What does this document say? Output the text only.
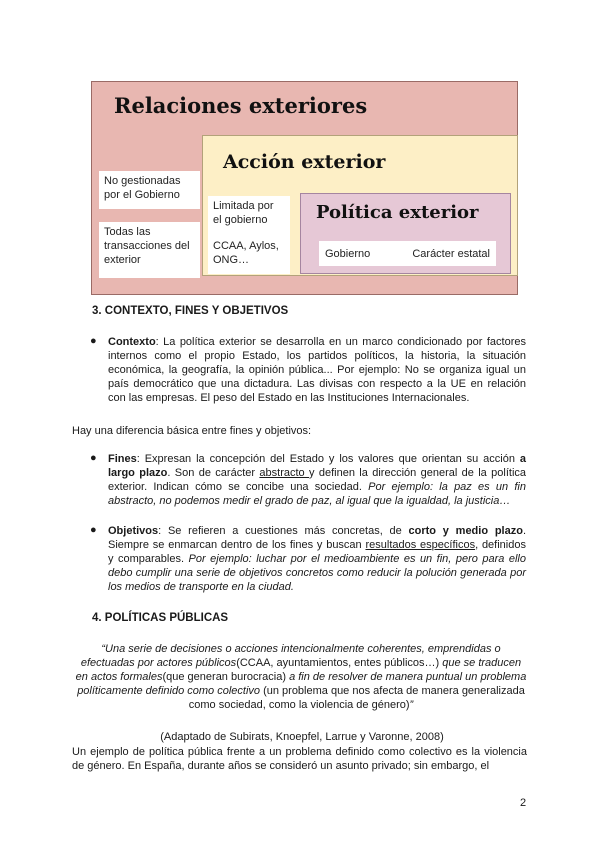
Relaciones exteriores
No gestionadas por el Gobierno
Todas las transacciones del exterior
Acción exterior
Limitada por el gobierno
CCAA, Aylos, ONG…
Política exterior
Gobierno	Carácter estatal
3. CONTEXTO, FINES Y OBJETIVOS
● Contexto: La política exterior se desarrolla en un marco condicionado por factores internos como el propio Estado, los partidos políticos, la historia, la situación económica, la geografía, la opinión pública... Por ejemplo: No se organiza igual un país democrático que una dictadura. Las divisas con respecto a la UE en relación con las empresas. El peso del Estado en las Instituciones Internacionales.
Hay una diferencia básica entre fines y objetivos:
● Fines: Expresan la concepción del Estado y los valores que orientan su acción a largo plazo. Son de carácter abstracto y definen la dirección general de la política exterior. Indican cómo se concibe una sociedad. Por ejemplo: la paz es un fin abstracto, no podemos medir el grado de paz, al igual que la igualdad, la justicia…
● Objetivos: Se refieren a cuestiones más concretas, de corto y medio plazo. Siempre se enmarcan dentro de los fines y buscan resultados específicos, definidos y comparables. Por ejemplo: luchar por el medioambiente es un fin, pero para ello debo cumplir una serie de objetivos concretos como reducir la polución generada por los medios de transporte en la ciudad.
4. POLÍTICAS PÚBLICAS
“Una serie de decisiones o acciones intencionalmente coherentes, emprendidas o efectuadas por actores públicos(CCAA, ayuntamientos, entes públicos…) que se traducen en actos formales(que generan burocracia) a fin de resolver de manera puntual un problema políticamente definido como colectivo (un problema que nos afecta de manera generalizada como sociedad, como la violencia de género)”
(Adaptado de Subirats, Knoepfel, Larrue y Varonne, 2008)
Un ejemplo de política pública frente a un problema definido como colectivo es la violencia de género. En España, durante años se consideró un asunto privado; sin embargo, el
2
